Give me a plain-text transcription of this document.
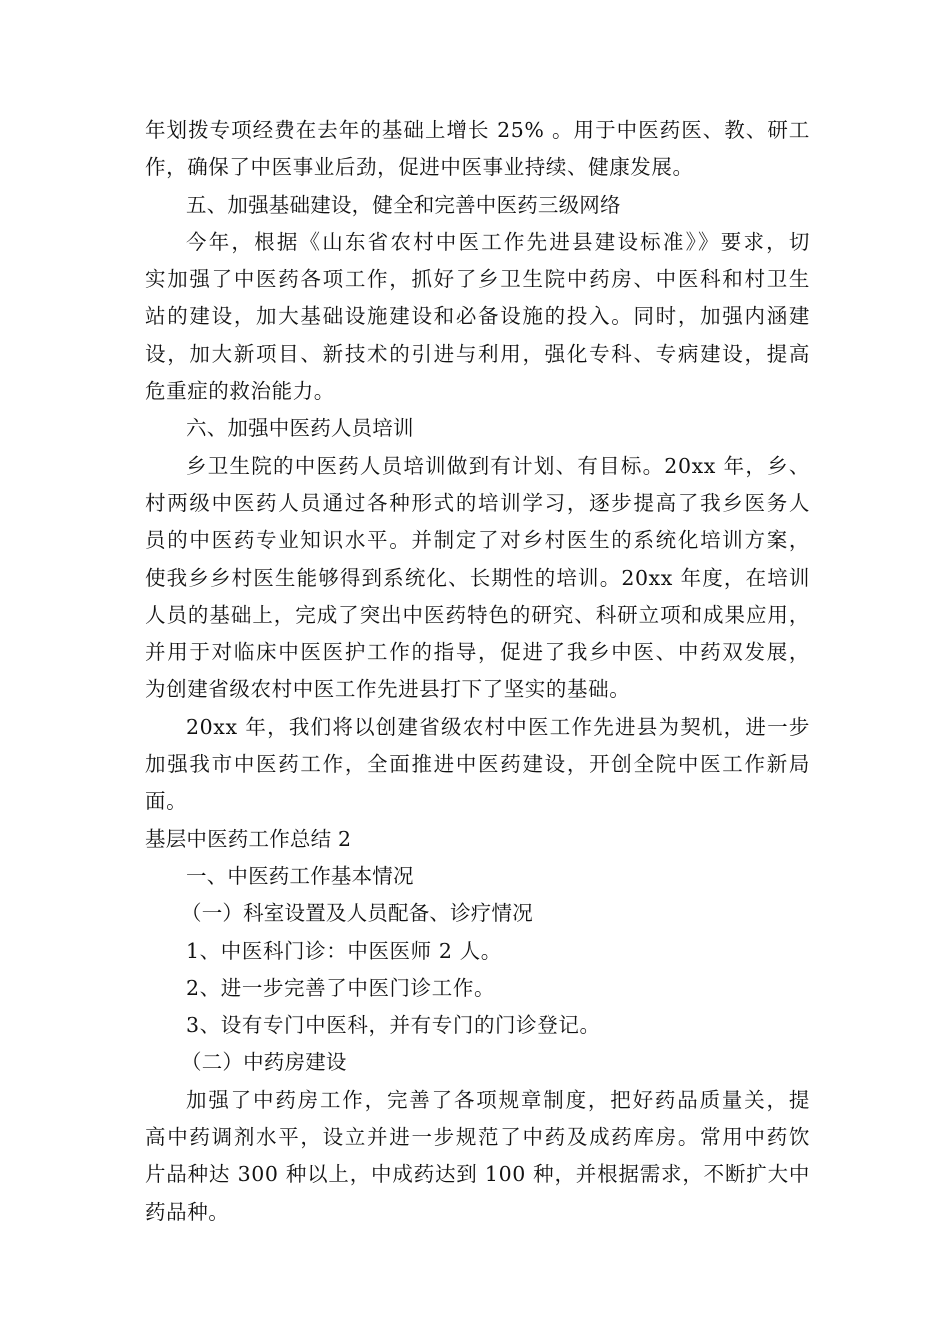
年划拨专项经费在去年的基础上增长 25% 。用于中医药医、教、研工
作，确保了中医事业后劲，促进中医事业持续、健康发展。
五、加强基础建设，健全和完善中医药三级网络
今年，根据《山东省农村中医工作先进县建设标准》》要求，切
实加强了中医药各项工作，抓好了乡卫生院中药房、中医科和村卫生
站的建设，加大基础设施建设和必备设施的投入。同时，加强内涵建
设，加大新项目、新技术的引进与利用，强化专科、专病建设，提高
危重症的救治能力。
六、加强中医药人员培训
乡卫生院的中医药人员培训做到有计划、有目标。20xx 年，乡、
村两级中医药人员通过各种形式的培训学习，逐步提高了我乡医务人
员的中医药专业知识水平。并制定了对乡村医生的系统化培训方案，
使我乡乡村医生能够得到系统化、长期性的培训。20xx 年度，在培训
人员的基础上，完成了突出中医药特色的研究、科研立项和成果应用，
并用于对临床中医医护工作的指导，促进了我乡中医、中药双发展，
为创建省级农村中医工作先进县打下了坚实的基础。
20xx 年，我们将以创建省级农村中医工作先进县为契机，进一步
加强我市中医药工作，全面推进中医药建设，开创全院中医工作新局
面。
基层中医药工作总结 2
一、中医药工作基本情况
（一）科室设置及人员配备、诊疗情况
1、中医科门诊：中医医师 2 人。
2、进一步完善了中医门诊工作。
3、设有专门中医科，并有专门的门诊登记。
（二）中药房建设
加强了中药房工作，完善了各项规章制度，把好药品质量关，提
高中药调剂水平，设立并进一步规范了中药及成药库房。常用中药饮
片品种达 300 种以上，中成药达到 100 种，并根据需求，不断扩大中
药品种。
